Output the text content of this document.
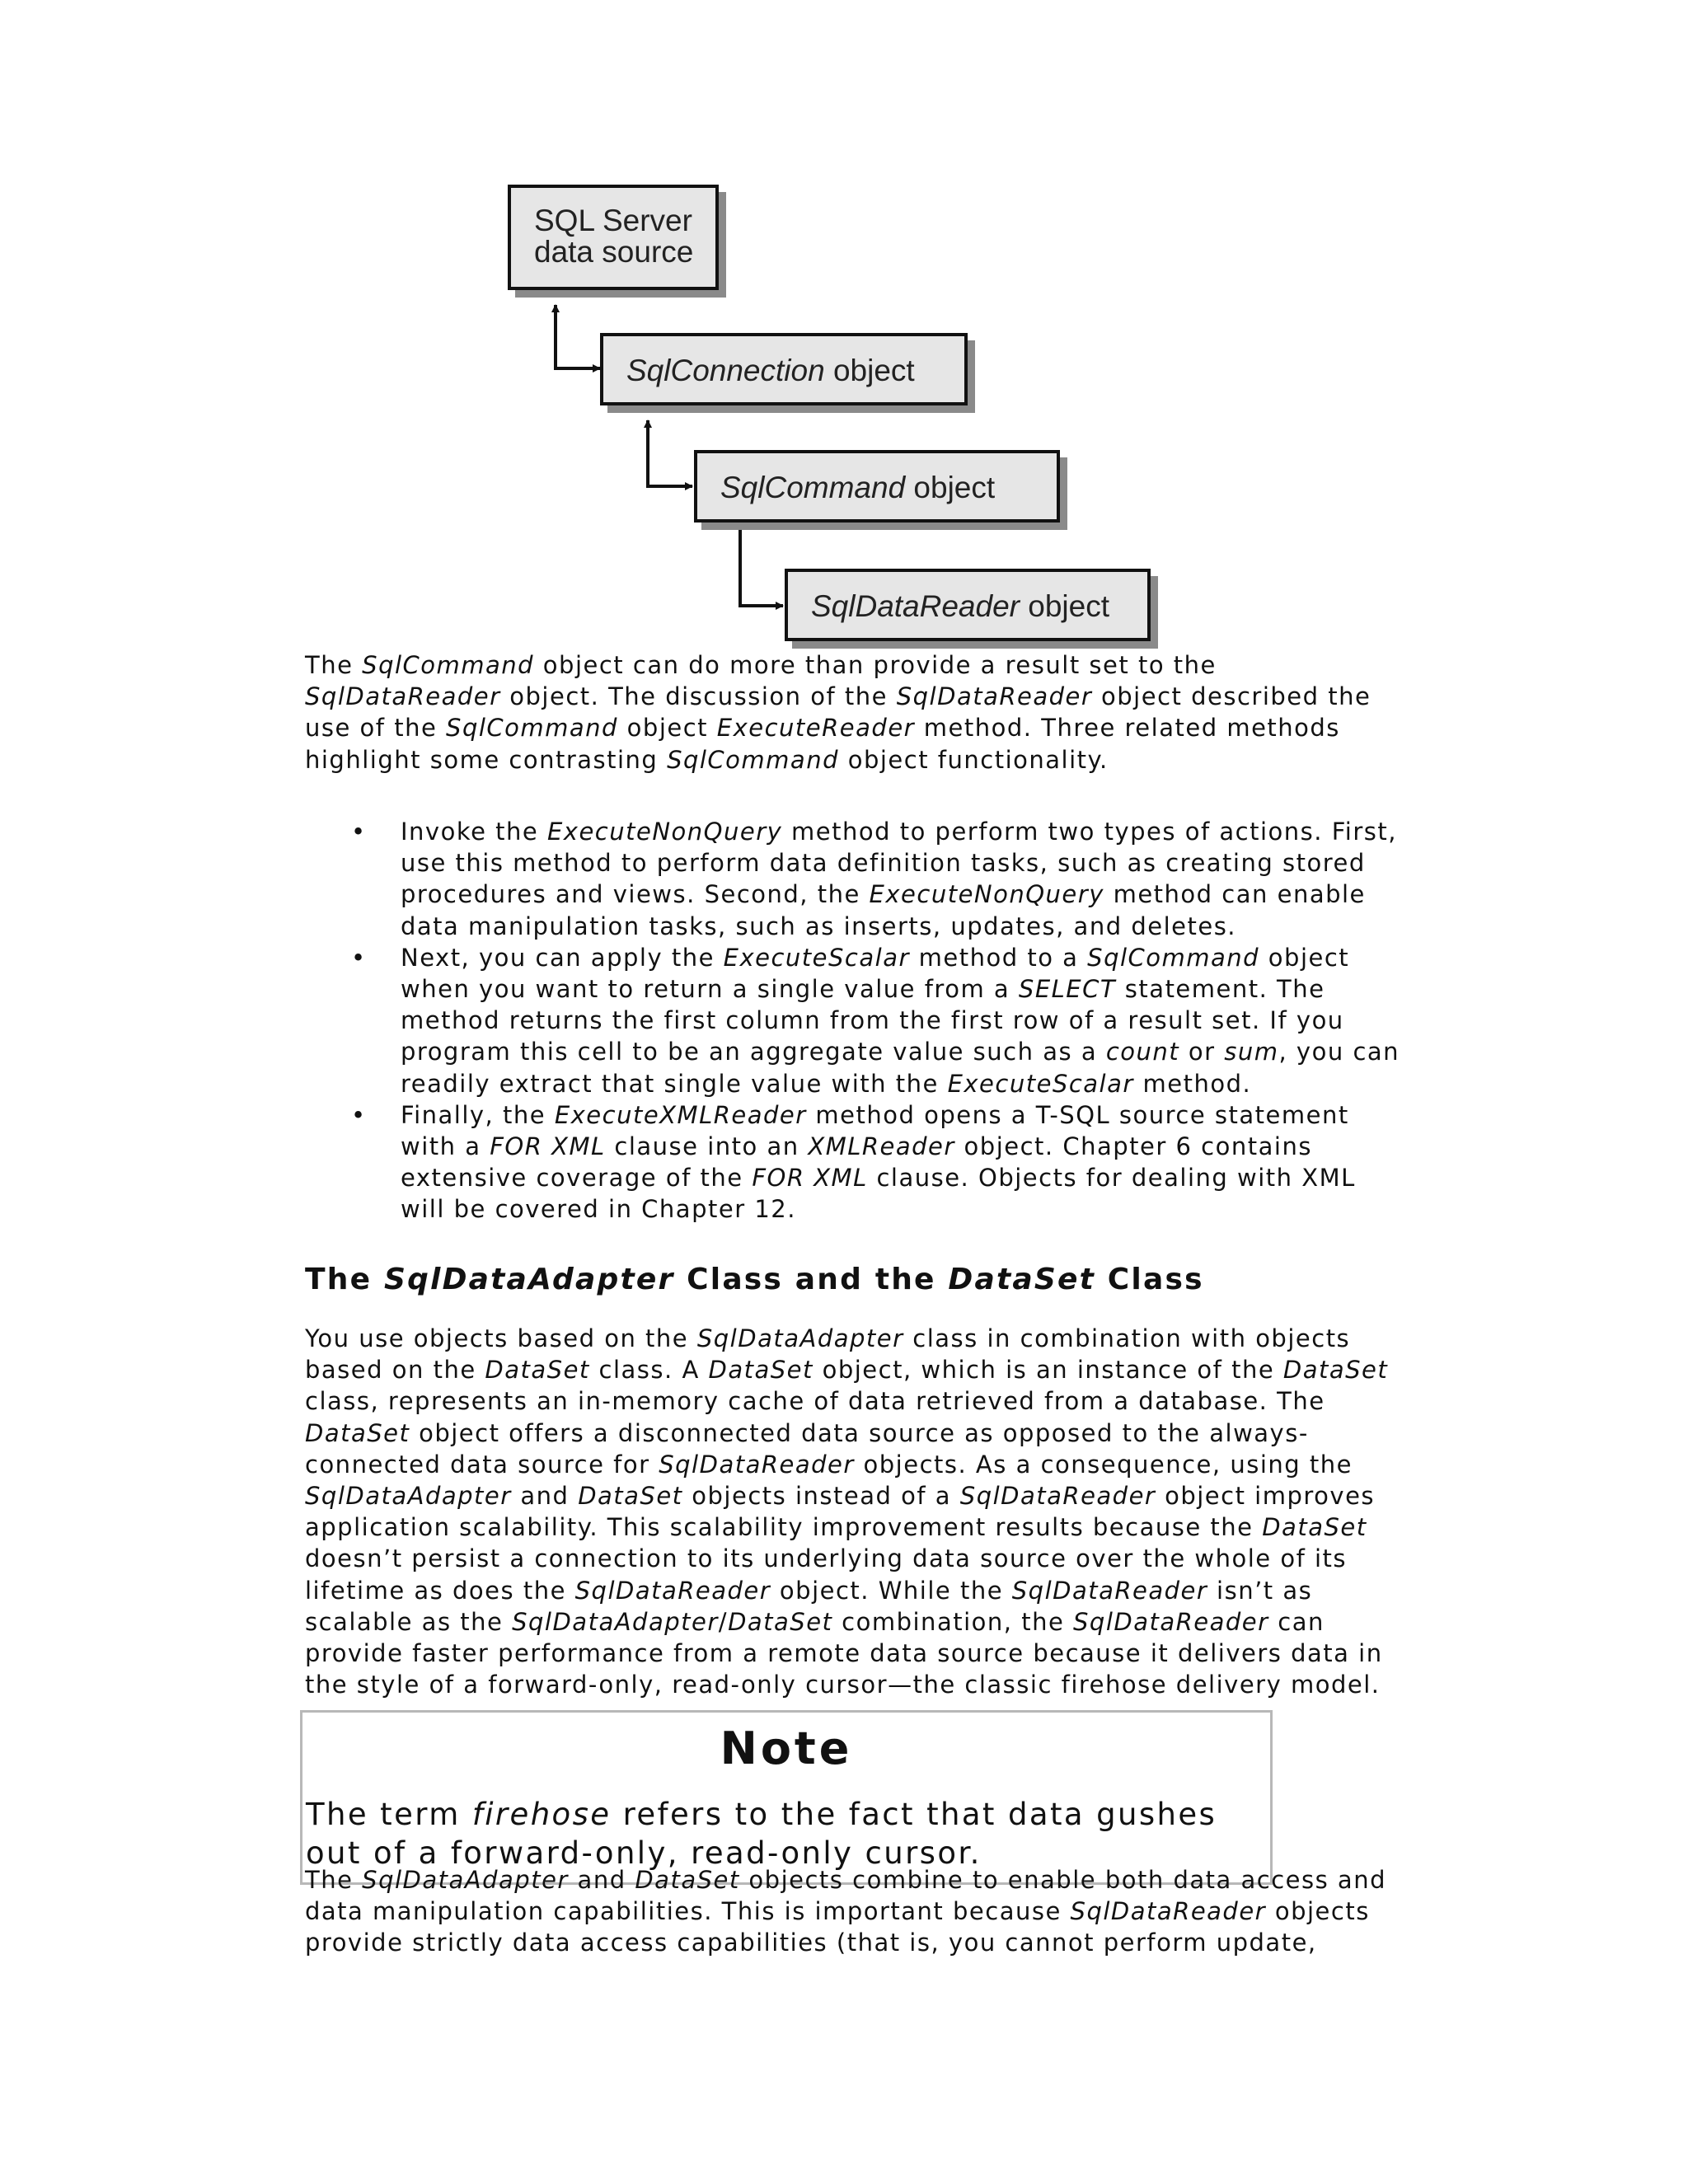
SQL Server
data source
SqlConnection object
SqlCommand object
SqlDataReader object

The SqlCommand object can do more than provide a result set to the SqlDataReader object. The discussion of the SqlDataReader object described the use of the SqlCommand object ExecuteReader method. Three related methods highlight some contrasting SqlCommand object functionality.

• Invoke the ExecuteNonQuery method to perform two types of actions. First, use this method to perform data definition tasks, such as creating stored procedures and views. Second, the ExecuteNonQuery method can enable data manipulation tasks, such as inserts, updates, and deletes.
• Next, you can apply the ExecuteScalar method to a SqlCommand object when you want to return a single value from a SELECT statement. The method returns the first column from the first row of a result set. If you program this cell to be an aggregate value such as a count or sum, you can readily extract that single value with the ExecuteScalar method.
• Finally, the ExecuteXMLReader method opens a T-SQL source statement with a FOR XML clause into an XMLReader object. Chapter 6 contains extensive coverage of the FOR XML clause. Objects for dealing with XML will be covered in Chapter 12.
The SqlDataAdapter Class and the DataSet Class

You use objects based on the SqlDataAdapter class in combination with objects based on the DataSet class. A DataSet object, which is an instance of the DataSet class, represents an in-memory cache of data retrieved from a database. The DataSet object offers a disconnected data source as opposed to the always-connected data source for SqlDataReader objects. As a consequence, using the SqlDataAdapter and DataSet objects instead of a SqlDataReader object improves application scalability. This scalability improvement results because the DataSet doesn’t persist a connection to its underlying data source over the whole of its lifetime as does the SqlDataReader object. While the SqlDataReader isn’t as scalable as the SqlDataAdapter/DataSet combination, the SqlDataReader can provide faster performance from a remote data source because it delivers data in the style of a forward-only, read-only cursor—the classic firehose delivery model.

Note
The term firehose refers to the fact that data gushes out of a forward-only, read-only cursor.

The SqlDataAdapter and DataSet objects combine to enable both data access and data manipulation capabilities. This is important because SqlDataReader objects provide strictly data access capabilities (that is, you cannot perform update,
